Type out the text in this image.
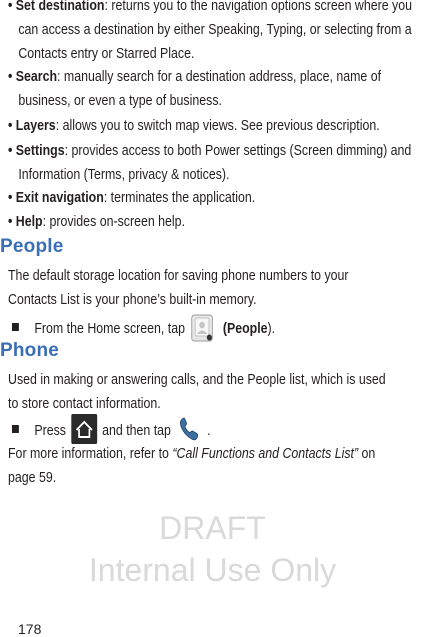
• Set destination: returns you to the navigation options screen where you
can access a destination by either Speaking, Typing, or selecting from a
Contacts entry or Starred Place.
• Search: manually search for a destination address, place, name of
business, or even a type of business.
• Layers: allows you to switch map views. See previous description.
• Settings: provides access to both Power settings (Screen dimming) and
Information (Terms, privacy & notices).
• Exit navigation: terminates the application.
• Help: provides on-screen help.
People
The default storage location for saving phone numbers to your
Contacts List is your phone’s built-in memory.
From the Home screen, tap	(People).
Phone
Used in making or answering calls, and the People list, which is used
to store contact information.
Press	and then tap	.
For more information, refer to “Call Functions and Contacts List” on
page 59.
DRAFT
Internal Use Only
178
